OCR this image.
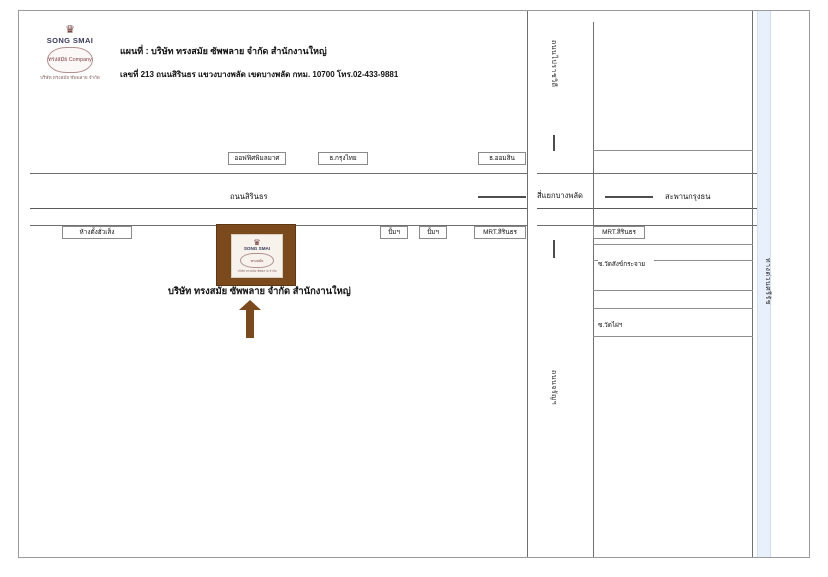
♛
SONG SMAI
ทรงสมัย Company
บริษัท ทรงสมัย ซัพพลาย จำกัด
แผนที่ : บริษัท ทรงสมัย ซัพพลาย จำกัด สำนักงานใหญ่
เลขที่ 213 ถนนสิรินธร แขวงบางพลัด เขตบางพลัด กทม. 10700 โทร.02-433-9881	ถนนไปราชวิถี
ถนนจรัญฯ
ทางด่วนศรีรัช
ถนนสิรินธร	สี่แยกบางพลัด	สะพานกรุงธน
ออฟฟิศพิมลมาศ	ธ.กรุงไทย	ธ.ออมสิน
ห้างตั้งฮั่วเส็ง	ปั้มฯ	ปั้มฯ	MRT.สิรินธร	MRT.สิรินธร
ซ.วัดสังข์กระจาย
ซ.วัดไผ่ฯ
♛
SONG SMAI
ทรงสมัย
บริษัท ทรงสมัย ซัพพลาย จำกัด
บริษัท ทรงสมัย ซัพพลาย จำกัด สำนักงานใหญ่
